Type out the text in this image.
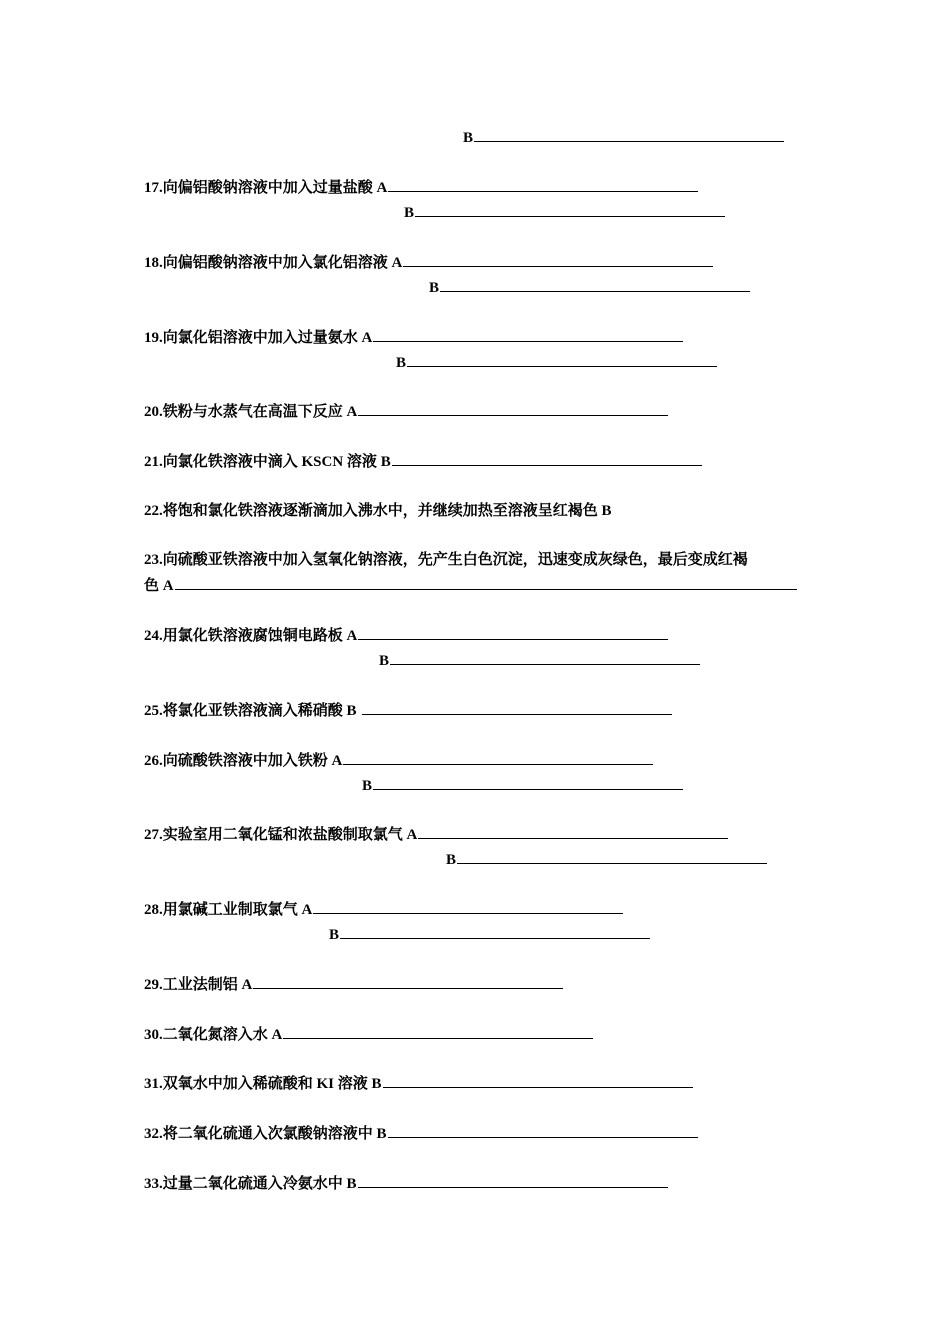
B
17.向偏铝酸钠溶液中加入过量盐酸 A
B
18.向偏铝酸钠溶液中加入氯化铝溶液 A
B
19.向氯化铝溶液中加入过量氨水 A
B
20.铁粉与水蒸气在高温下反应 A
21.向氯化铁溶液中滴入 KSCN 溶液 B
22.将饱和氯化铁溶液逐渐滴加入沸水中，并继续加热至溶液呈红褐色 B
23.向硫酸亚铁溶液中加入氢氧化钠溶液，先产生白色沉淀，迅速变成灰绿色，最后变成红褐
色 A
24.用氯化铁溶液腐蚀铜电路板 A
B
25.将氯化亚铁溶液滴入稀硝酸 B
26.向硫酸铁溶液中加入铁粉 A
B
27.实验室用二氧化锰和浓盐酸制取氯气 A
B
28.用氯碱工业制取氯气 A
B
29.工业法制铝 A
30.二氧化氮溶入水 A
31.双氧水中加入稀硫酸和 KI 溶液 B
32.将二氧化硫通入次氯酸钠溶液中 B
33.过量二氧化硫通入冷氨水中 B
